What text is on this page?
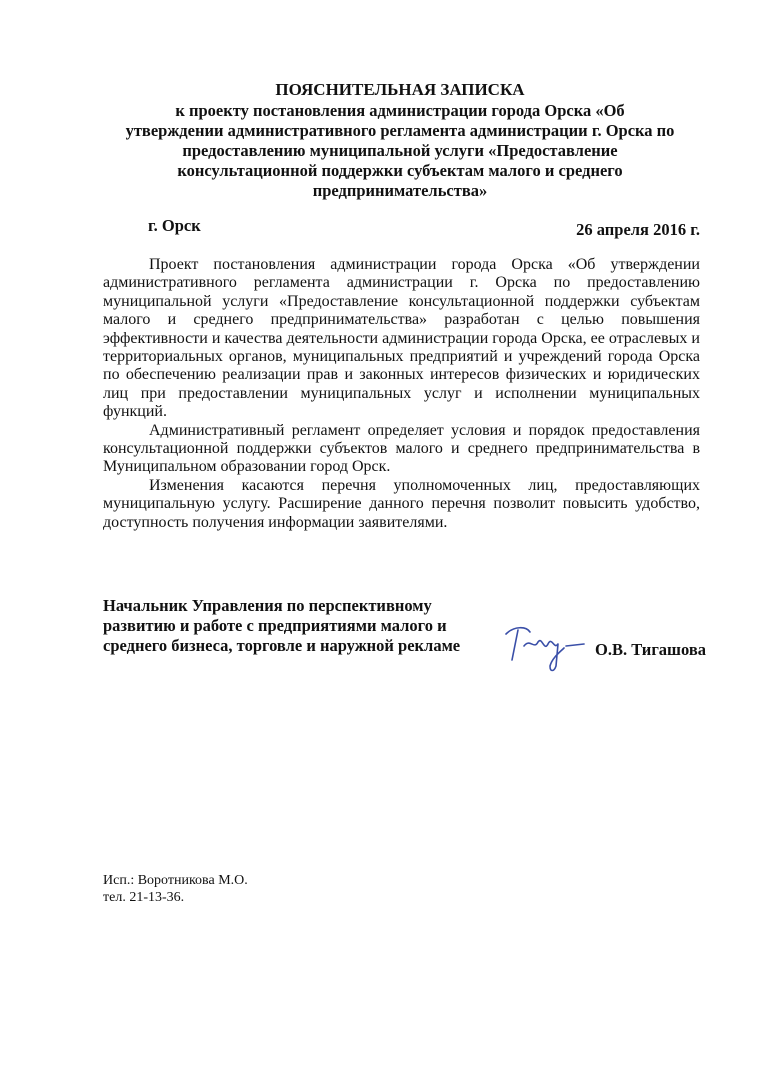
ПОЯСНИТЕЛЬНАЯ ЗАПИСКА
к проекту постановления администрации города Орска «Об
утверждении административного регламента администрации г. Орска по
предоставлению муниципальной услуги «Предоставление
консультационной поддержки субъектам малого и среднего
предпринимательства»
г. Орск	26 апреля 2016 г.

Проект постановления администрации города Орска «Об утверждении административного регламента администрации г. Орска по предоставлению муниципальной услуги «Предоставление консультационной поддержки субъектам малого и среднего предпринимательства» разработан с целью повышения эффективности и качества деятельности администрации города Орска, ее отраслевых и территориальных органов, муниципальных предприятий и учреждений города Орска по обеспечению реализации прав и законных интересов физических и юридических лиц при предоставлении муниципальных услуг и исполнении муниципальных функций.

Административный регламент определяет условия и порядок предоставления консультационной поддержки субъектов малого и среднего предпринимательства в Муниципальном образовании город Орск.

Изменения касаются перечня уполномоченных лиц, предоставляющих муниципальную услугу. Расширение данного перечня позволит повысить удобство, доступность получения информации заявителями.

Начальник Управления по перспективному
развитию и работе с предприятиями малого и
среднего бизнеса, торговле и наружной рекламе	О.В. Тигашова
Исп.: Воротникова М.О.
тел. 21-13-36.
